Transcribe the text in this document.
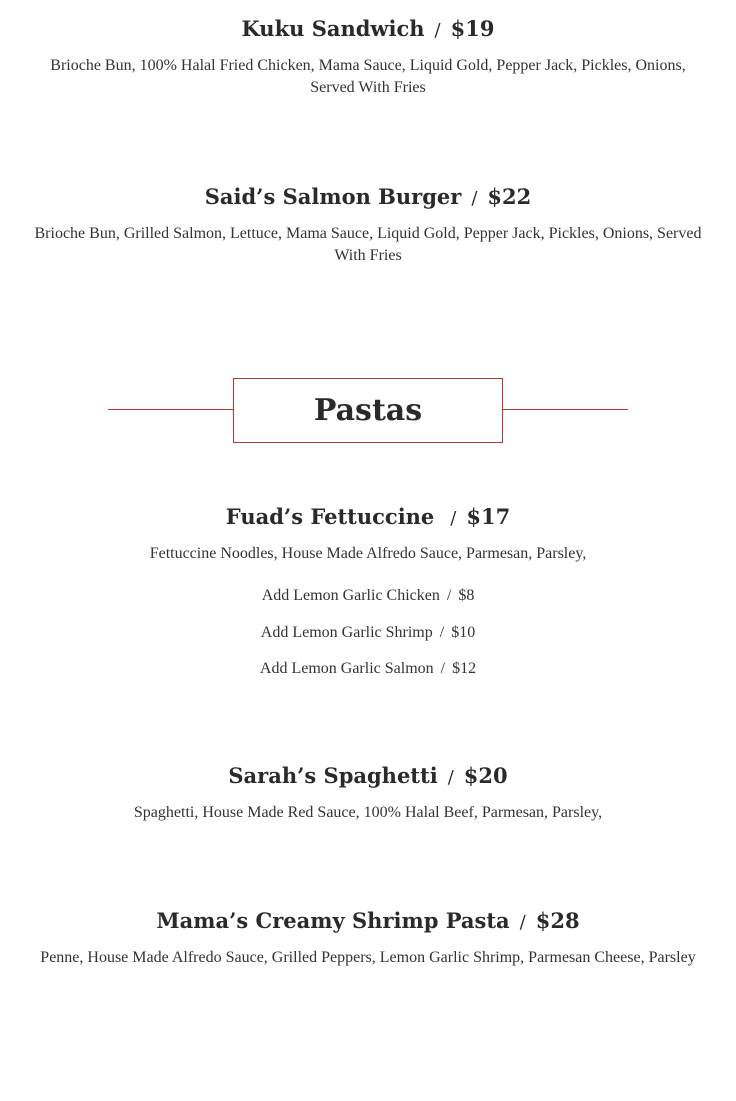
Kuku Sandwich / $19
Brioche Bun, 100% Halal Fried Chicken, Mama Sauce, Liquid Gold, Pepper Jack, Pickles, Onions, Served With Fries
Said’s Salmon Burger / $22
Brioche Bun, Grilled Salmon, Lettuce, Mama Sauce, Liquid Gold, Pepper Jack, Pickles, Onions, Served With Fries
Pastas
Fuad’s Fettuccine / $17
Fettuccine Noodles, House Made Alfredo Sauce, Parmesan, Parsley,
Add Lemon Garlic Chicken / $8
Add Lemon Garlic Shrimp / $10
Add Lemon Garlic Salmon / $12
Sarah’s Spaghetti / $20
Spaghetti, House Made Red Sauce, 100% Halal Beef, Parmesan, Parsley,
Mama’s Creamy Shrimp Pasta / $28
Penne, House Made Alfredo Sauce, Grilled Peppers, Lemon Garlic Shrimp, Parmesan Cheese, Parsley
